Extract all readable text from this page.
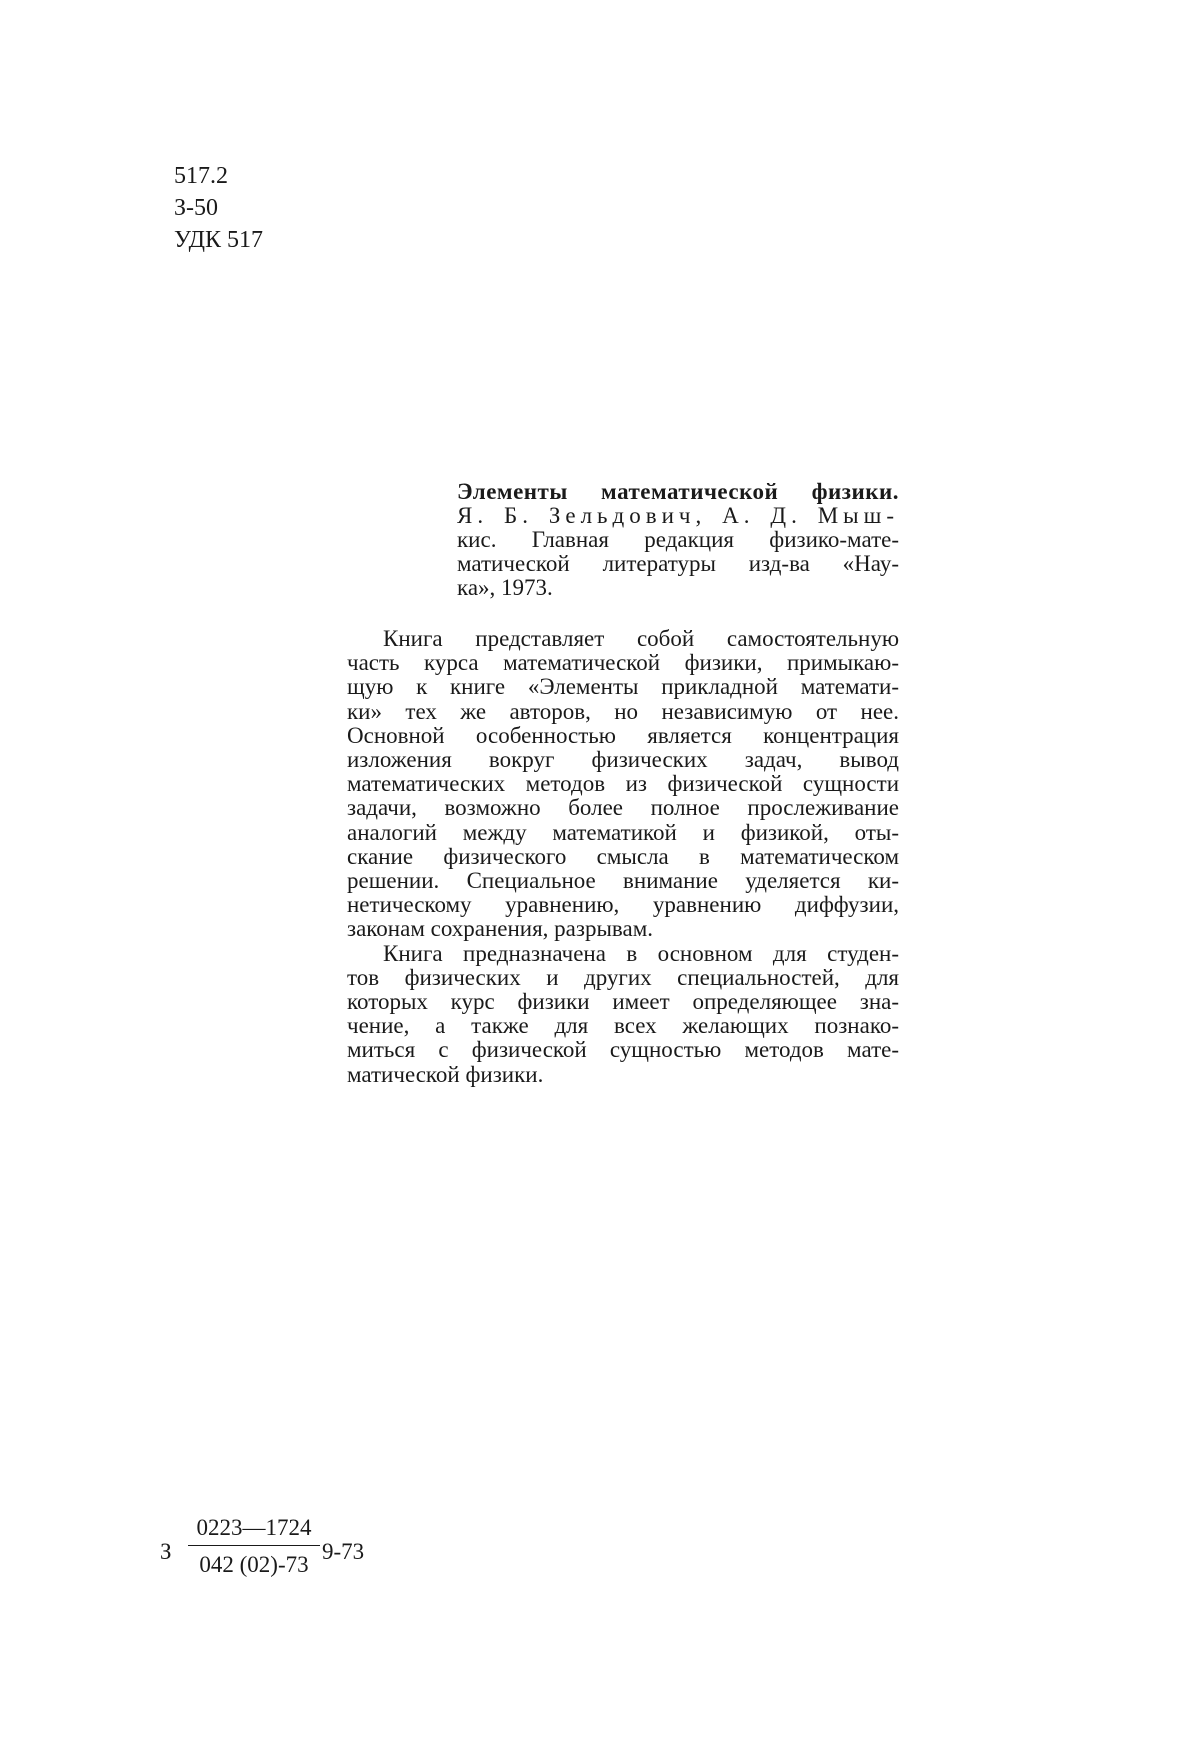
517.2
З-50
УДК 517
Элементы математической физики.
Я. Б. Зельдович, А. Д. Мыш-
кис. Главная редакция физико-мате-
матической литературы изд-ва «Нау-
ка», 1973.
Книга представляет собой самостоятельную
часть курса математической физики, примыкаю-
щую к книге «Элементы прикладной математи-
ки» тех же авторов, но независимую от нее.
Основной особенностью является концентрация
изложения вокруг физических задач, вывод
математических методов из физической сущности
задачи, возможно более полное прослеживание
аналогий между математикой и физикой, оты-
скание физического смысла в математическом
решении. Специальное внимание уделяется ки-
нетическому уравнению, уравнению диффузии,
законам сохранения, разрывам.
Книга предназначена в основном для студен-
тов физических и других специальностей, для
которых курс физики имеет определяющее зна-
чение, а также для всех желающих познако-
миться с физической сущностью методов мате-
матической физики.
З
0223—1724
042 (02)-73
9-73
